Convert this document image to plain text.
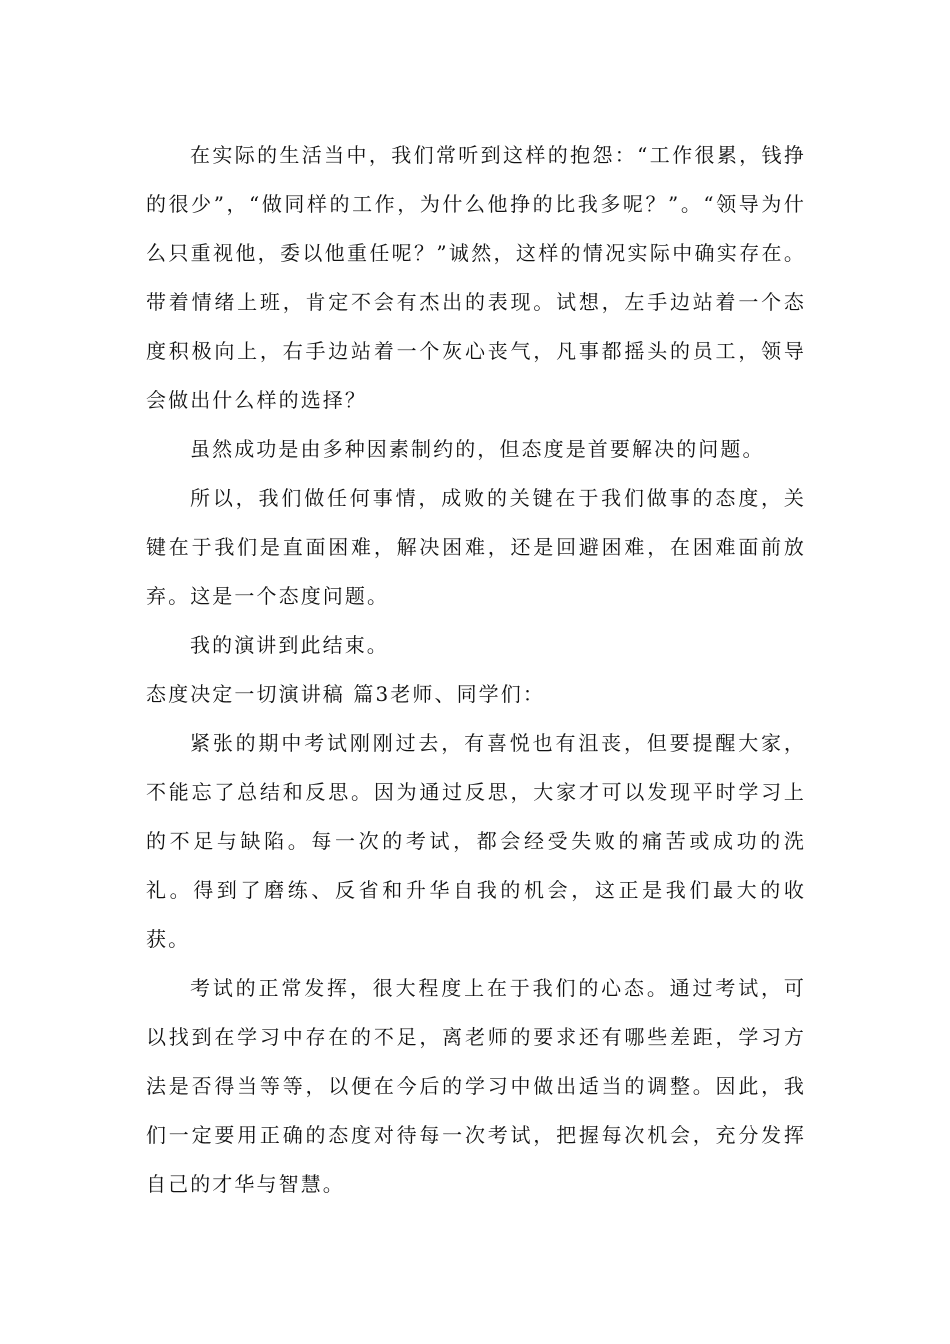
在实际的生活当中，我们常听到这样的抱怨：“工作很累，钱挣的很少”，“做同样的工作，为什么他挣的比我多呢？”。“领导为什么只重视他，委以他重任呢？”诚然，这样的情况实际中确实存在。带着情绪上班，肯定不会有杰出的表现。试想，左手边站着一个态度积极向上，右手边站着一个灰心丧气，凡事都摇头的员工，领导会做出什么样的选择？

虽然成功是由多种因素制约的，但态度是首要解决的问题。

所以，我们做任何事情，成败的关键在于我们做事的态度，关键在于我们是直面困难，解决困难，还是回避困难，在困难面前放弃。这是一个态度问题。

我的演讲到此结束。

态度决定一切演讲稿 篇3老师、同学们：

紧张的期中考试刚刚过去，有喜悦也有沮丧，但要提醒大家，不能忘了总结和反思。因为通过反思，大家才可以发现平时学习上的不足与缺陷。每一次的考试，都会经受失败的痛苦或成功的洗礼。得到了磨练、反省和升华自我的机会，这正是我们最大的收获。

考试的正常发挥，很大程度上在于我们的心态。通过考试，可以找到在学习中存在的不足，离老师的要求还有哪些差距，学习方法是否得当等等，以便在今后的学习中做出适当的调整。因此，我们一定要用正确的态度对待每一次考试，把握每次机会，充分发挥自己的才华与智慧。
